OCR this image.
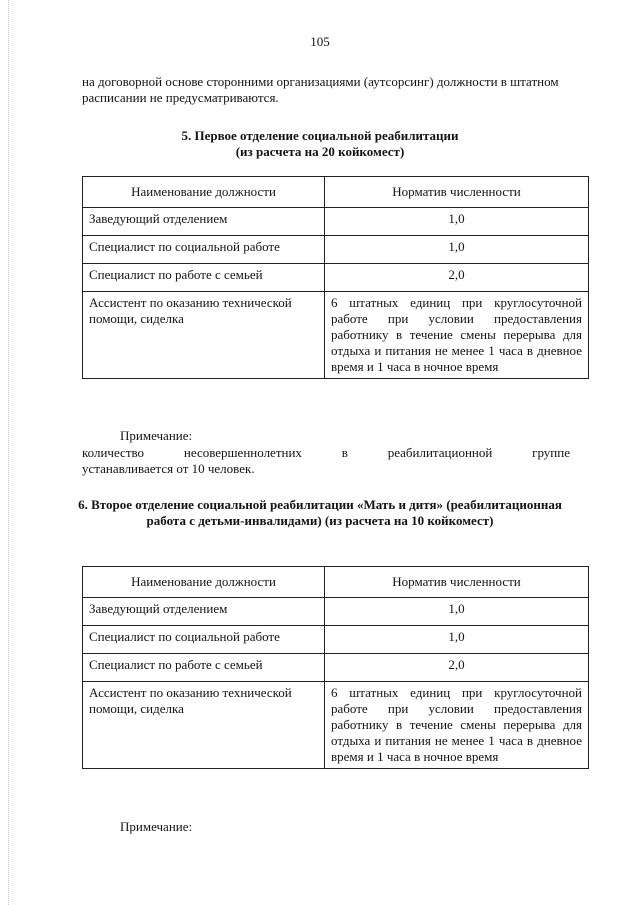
105
на договорной основе сторонними организациями (аутсорсинг) должности в штатном расписании не предусматриваются.
5. Первое отделение социальной реабилитации
(из расчета на 20 койкомест)
Наименование должности	Норматив численности
Заведующий отделением	1,0
Специалист по социальной работе	1,0
Специалист по работе с семьей	2,0
Ассистент по оказанию технической помощи, сиделка	6 штатных единиц при круглосуточной работе при условии предоставления работнику в течение смены перерыва для отдыха и питания не менее 1 часа в дневное время и 1 часа в ночное время
Примечание:
количество несовершеннолетних в реабилитационной группе
устанавливается от 10 человек.
6. Второе отделение социальной реабилитации «Мать и дитя» (реабилитационная работа с детьми-инвалидами) (из расчета на 10 койкомест)
Наименование должности	Норматив численности
Заведующий отделением	1,0
Специалист по социальной работе	1,0
Специалист по работе с семьей	2,0
Ассистент по оказанию технической помощи, сиделка	6 штатных единиц при круглосуточной работе при условии предоставления работнику в течение смены перерыва для отдыха и питания не менее 1 часа в дневное время и 1 часа в ночное время
Примечание:
